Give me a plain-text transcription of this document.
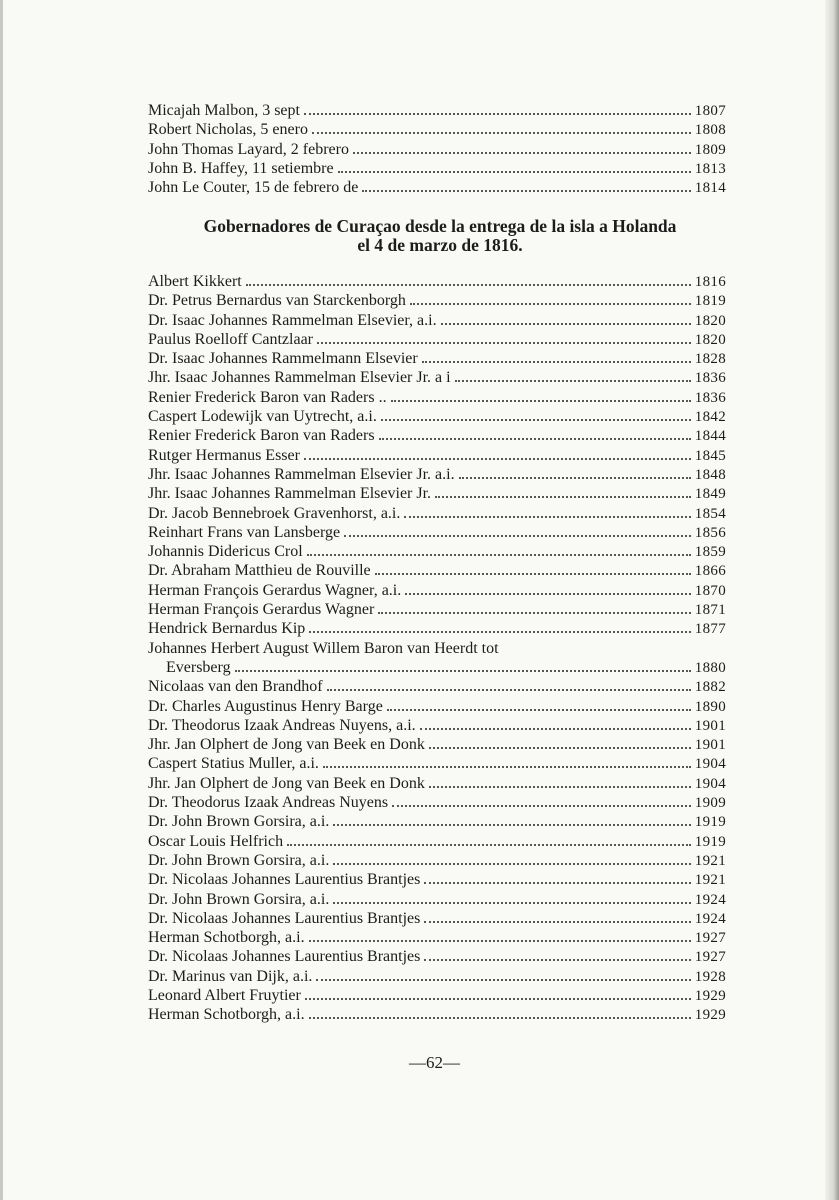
Micajah Malbon, 3 sept	1807
Robert Nicholas, 5 enero	1808
John Thomas Layard, 2 febrero	1809
John B. Haffey, 11 setiembre	1813
John Le Couter, 15 de febrero de	1814
Gobernadores de Curaçao desde la entrega de la isla a Holanda
el 4 de marzo de 1816.
Albert Kikkert	1816
Dr. Petrus Bernardus van Starckenborgh	1819
Dr. Isaac Johannes Rammelman Elsevier, a.i.	1820
Paulus Roelloff Cantzlaar	1820
Dr. Isaac Johannes Rammelmann Elsevier	1828
Jhr. Isaac Johannes Rammelman Elsevier Jr. a i	1836
Renier Frederick Baron van Raders ..	1836
Caspert Lodewijk van Uytrecht, a.i.	1842
Renier Frederick Baron van Raders	1844
Rutger Hermanus Esser	1845
Jhr. Isaac Johannes Rammelman Elsevier Jr. a.i.	1848
Jhr. Isaac Johannes Rammelman Elsevier Jr.	1849
Dr. Jacob Bennebroek Gravenhorst, a.i.	1854
Reinhart Frans van Lansberge	1856
Johannis Didericus Crol	1859
Dr. Abraham Matthieu de Rouville	1866
Herman François Gerardus Wagner, a.i.	1870
Herman François Gerardus Wagner	1871
Hendrick Bernardus Kip	1877
Johannes Herbert August Willem Baron van Heerdt tot
Eversberg	1880
Nicolaas van den Brandhof	1882
Dr. Charles Augustinus Henry Barge	1890
Dr. Theodorus Izaak Andreas Nuyens, a.i.	1901
Jhr. Jan Olphert de Jong van Beek en Donk	1901
Caspert Statius Muller, a.i.	1904
Jhr. Jan Olphert de Jong van Beek en Donk	1904
Dr. Theodorus Izaak Andreas Nuyens	1909
Dr. John Brown Gorsira, a.i.	1919
Oscar Louis Helfrich	1919
Dr. John Brown Gorsira, a.i.	1921
Dr. Nicolaas Johannes Laurentius Brantjes	1921
Dr. John Brown Gorsira, a.i.	1924
Dr. Nicolaas Johannes Laurentius Brantjes	1924
Herman Schotborgh, a.i.	1927
Dr. Nicolaas Johannes Laurentius Brantjes	1927
Dr. Marinus van Dijk, a.i.	1928
Leonard Albert Fruytier	1929
Herman Schotborgh, a.i.	1929
—62—
